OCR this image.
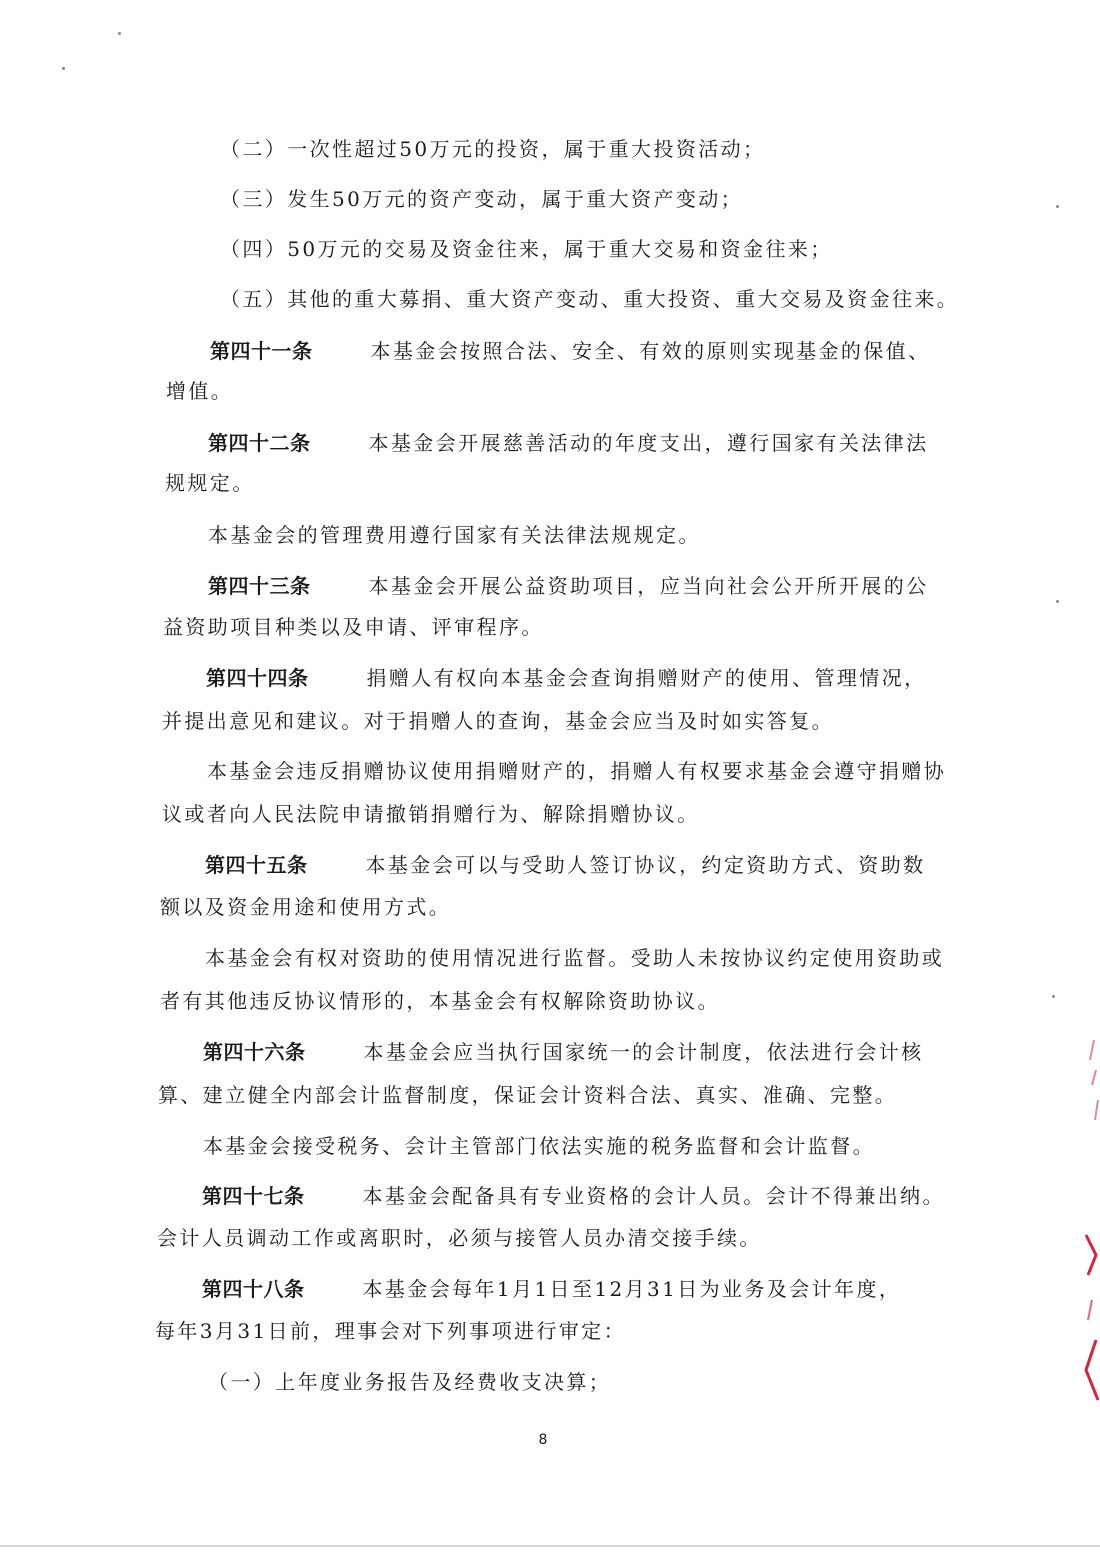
（二）一次性超过50万元的投资，属于重大投资活动；
（三）发生50万元的资产变动，属于重大资产变动；
（四）50万元的交易及资金往来，属于重大交易和资金往来；
（五）其他的重大募捐、重大资产变动、重大投资、重大交易及资金往来。
第四十一条	本基金会按照合法、安全、有效的原则实现基金的保值、
增值。
第四十二条	本基金会开展慈善活动的年度支出，遵行国家有关法律法
规规定。
本基金会的管理费用遵行国家有关法律法规规定。
第四十三条	本基金会开展公益资助项目，应当向社会公开所开展的公
益资助项目种类以及申请、评审程序。
第四十四条	捐赠人有权向本基金会查询捐赠财产的使用、管理情况，
并提出意见和建议。对于捐赠人的查询，基金会应当及时如实答复。
本基金会违反捐赠协议使用捐赠财产的，捐赠人有权要求基金会遵守捐赠协
议或者向人民法院申请撤销捐赠行为、解除捐赠协议。
第四十五条	本基金会可以与受助人签订协议，约定资助方式、资助数
额以及资金用途和使用方式。
本基金会有权对资助的使用情况进行监督。受助人未按协议约定使用资助或
者有其他违反协议情形的，本基金会有权解除资助协议。
第四十六条	本基金会应当执行国家统一的会计制度，依法进行会计核
算、建立健全内部会计监督制度，保证会计资料合法、真实、准确、完整。
本基金会接受税务、会计主管部门依法实施的税务监督和会计监督。
第四十七条	本基金会配备具有专业资格的会计人员。会计不得兼出纳。
会计人员调动工作或离职时，必须与接管人员办清交接手续。
第四十八条	本基金会每年1月1日至12月31日为业务及会计年度，
每年3月31日前，理事会对下列事项进行审定：
（一）上年度业务报告及经费收支决算；
8
